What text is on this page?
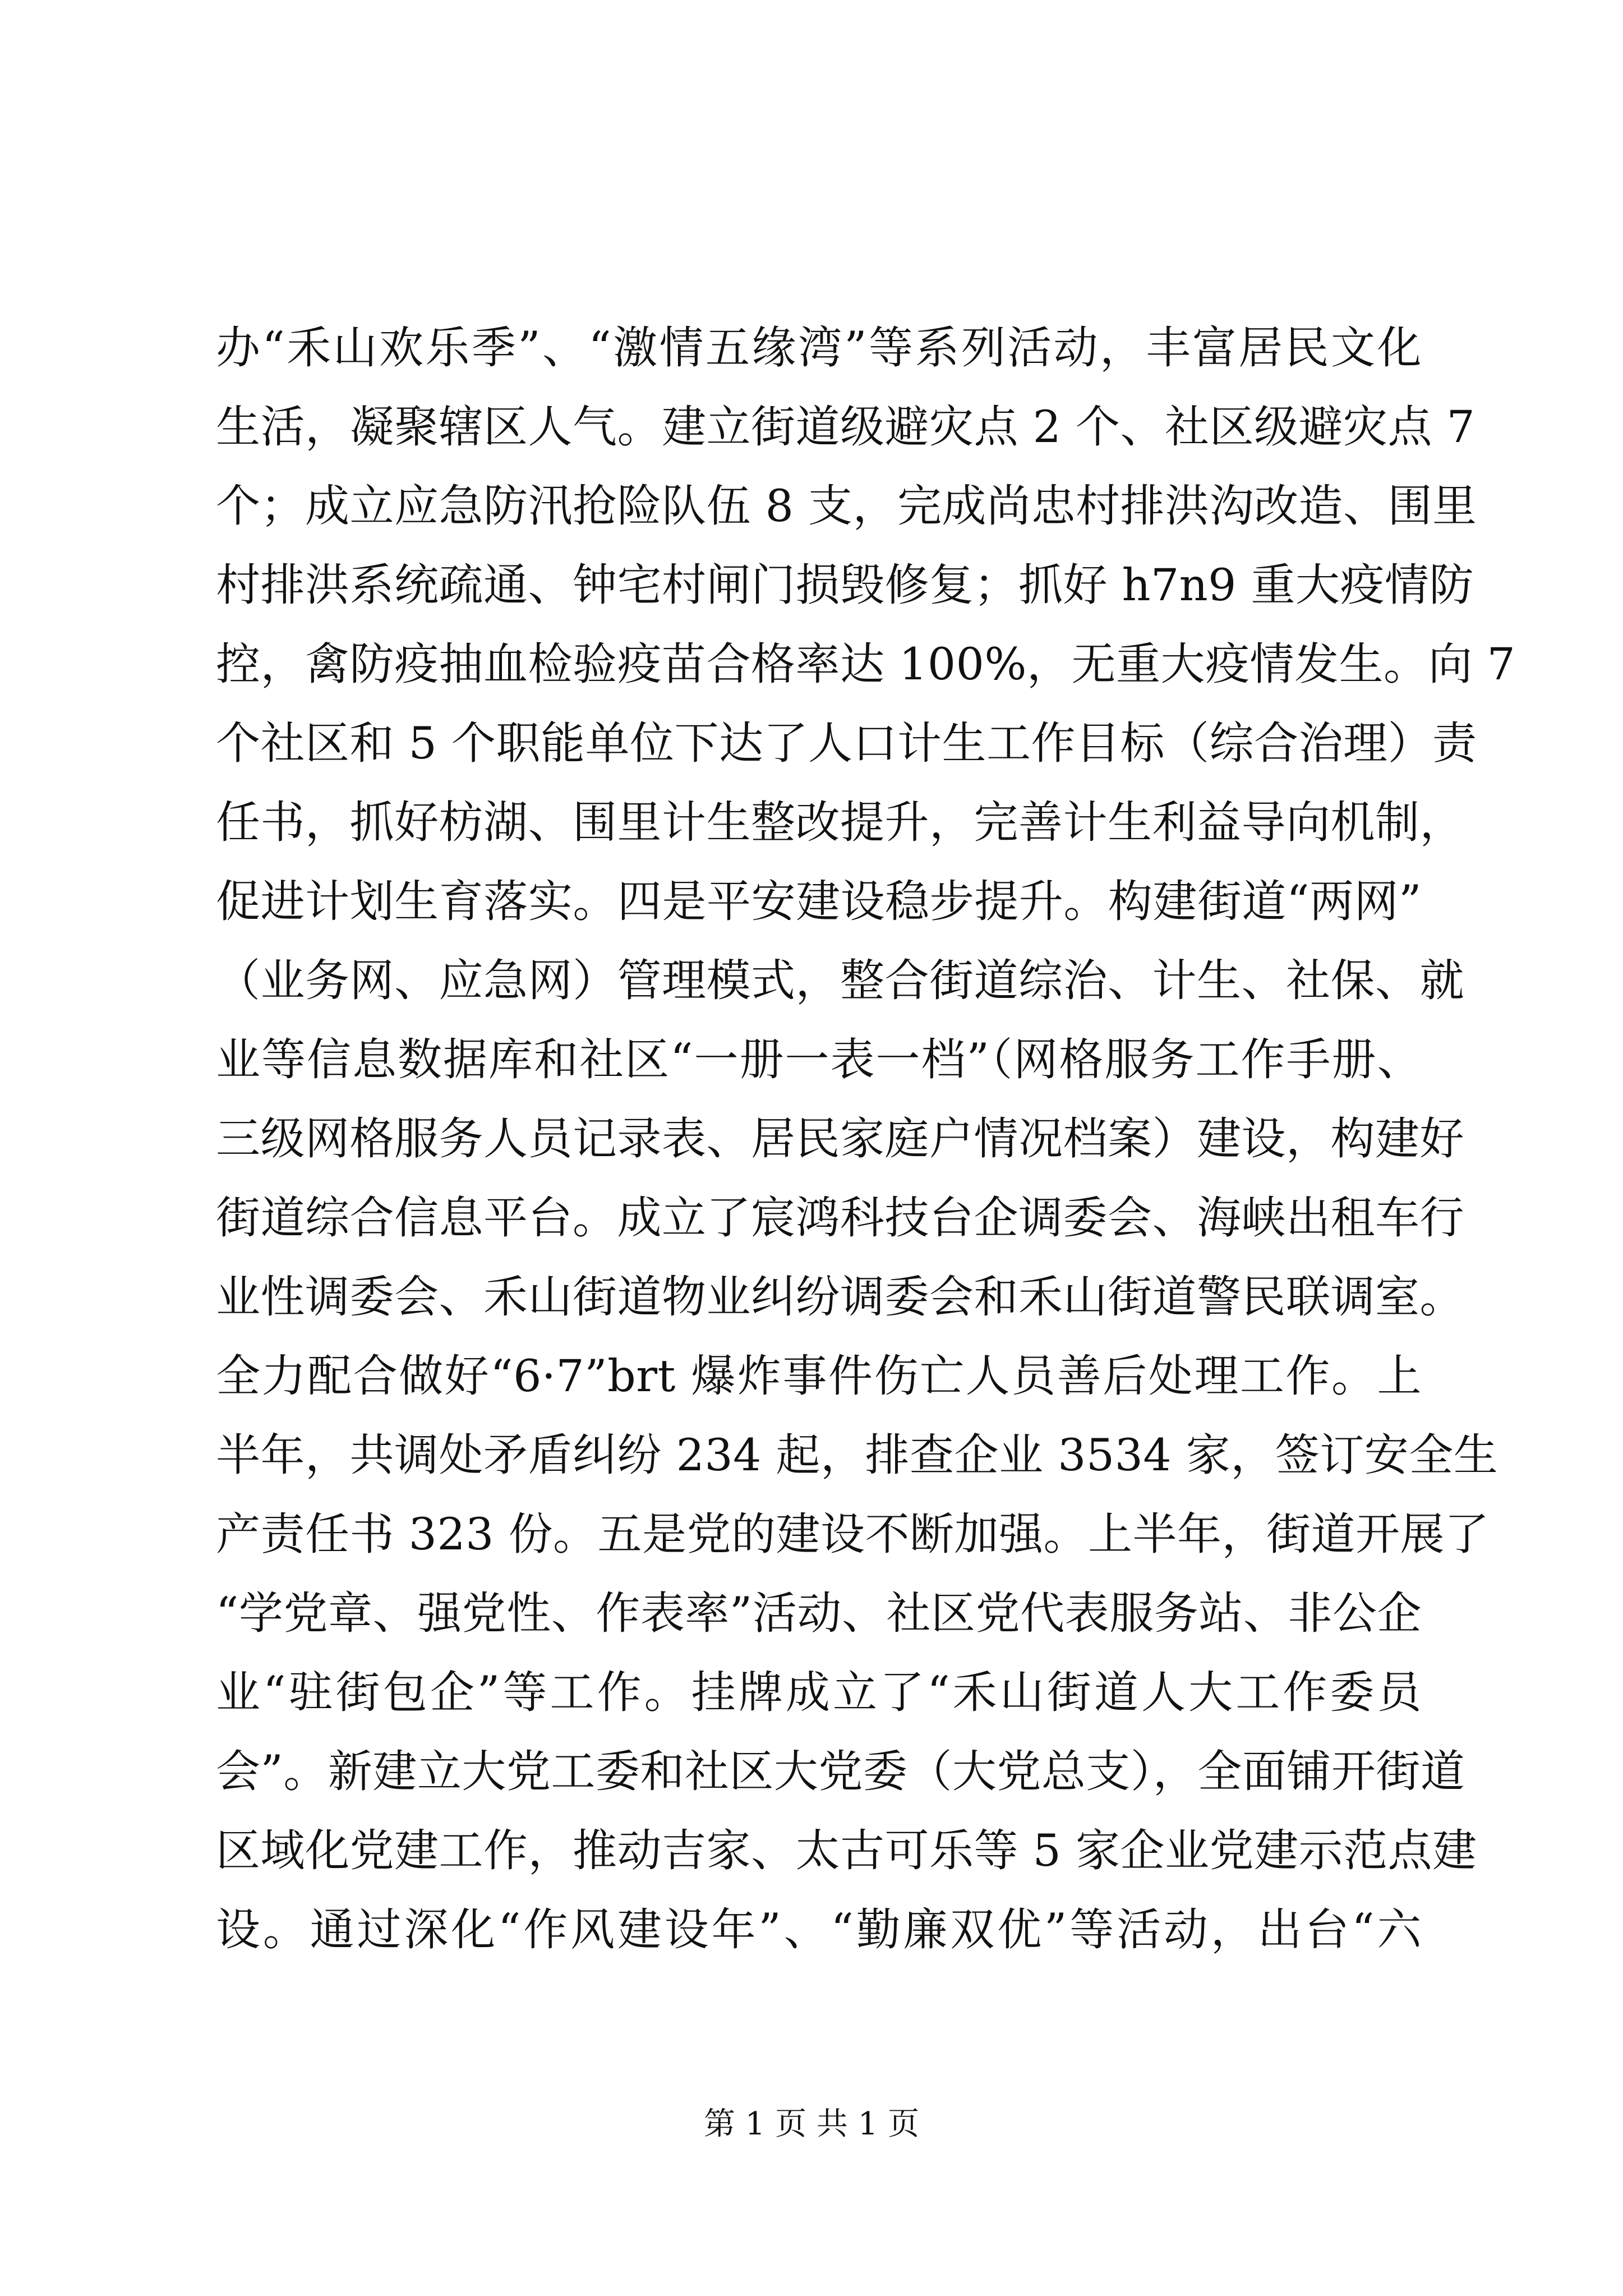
办“禾山欢乐季”、“激情五缘湾”等系列活动，丰富居民文化
生活，凝聚辖区人气。建立街道级避灾点 2 个、社区级避灾点 7
个；成立应急防汛抢险队伍 8 支，完成尚忠村排洪沟改造、围里
村排洪系统疏通、钟宅村闸门损毁修复；抓好 h7n9 重大疫情防
控，禽防疫抽血检验疫苗合格率达 100%，无重大疫情发生。向 7
个社区和 5 个职能单位下达了人口计生工作目标（综合治理）责
任书，抓好枋湖、围里计生整改提升，完善计生利益导向机制，
促进计划生育落实。四是平安建设稳步提升。构建街道“两网”
（业务网、应急网）管理模式，整合街道综治、计生、社保、就
业等信息数据库和社区“一册一表一档”（网格服务工作手册、
三级网格服务人员记录表、居民家庭户情况档案）建设，构建好
街道综合信息平台。成立了宸鸿科技台企调委会、海峡出租车行
业性调委会、禾山街道物业纠纷调委会和禾山街道警民联调室。
全力配合做好“6·7”brt 爆炸事件伤亡人员善后处理工作。上
半年，共调处矛盾纠纷 234 起，排查企业 3534 家，签订安全生
产责任书 323 份。五是党的建设不断加强。上半年，街道开展了
“学党章、强党性、作表率”活动、社区党代表服务站、非公企
业“驻街包企”等工作。挂牌成立了“禾山街道人大工作委员
会”。新建立大党工委和社区大党委（大党总支），全面铺开街道
区域化党建工作，推动吉家、太古可乐等 5 家企业党建示范点建
设。通过深化“作风建设年”、“勤廉双优”等活动，出台“六
第 1 页 共 1 页
